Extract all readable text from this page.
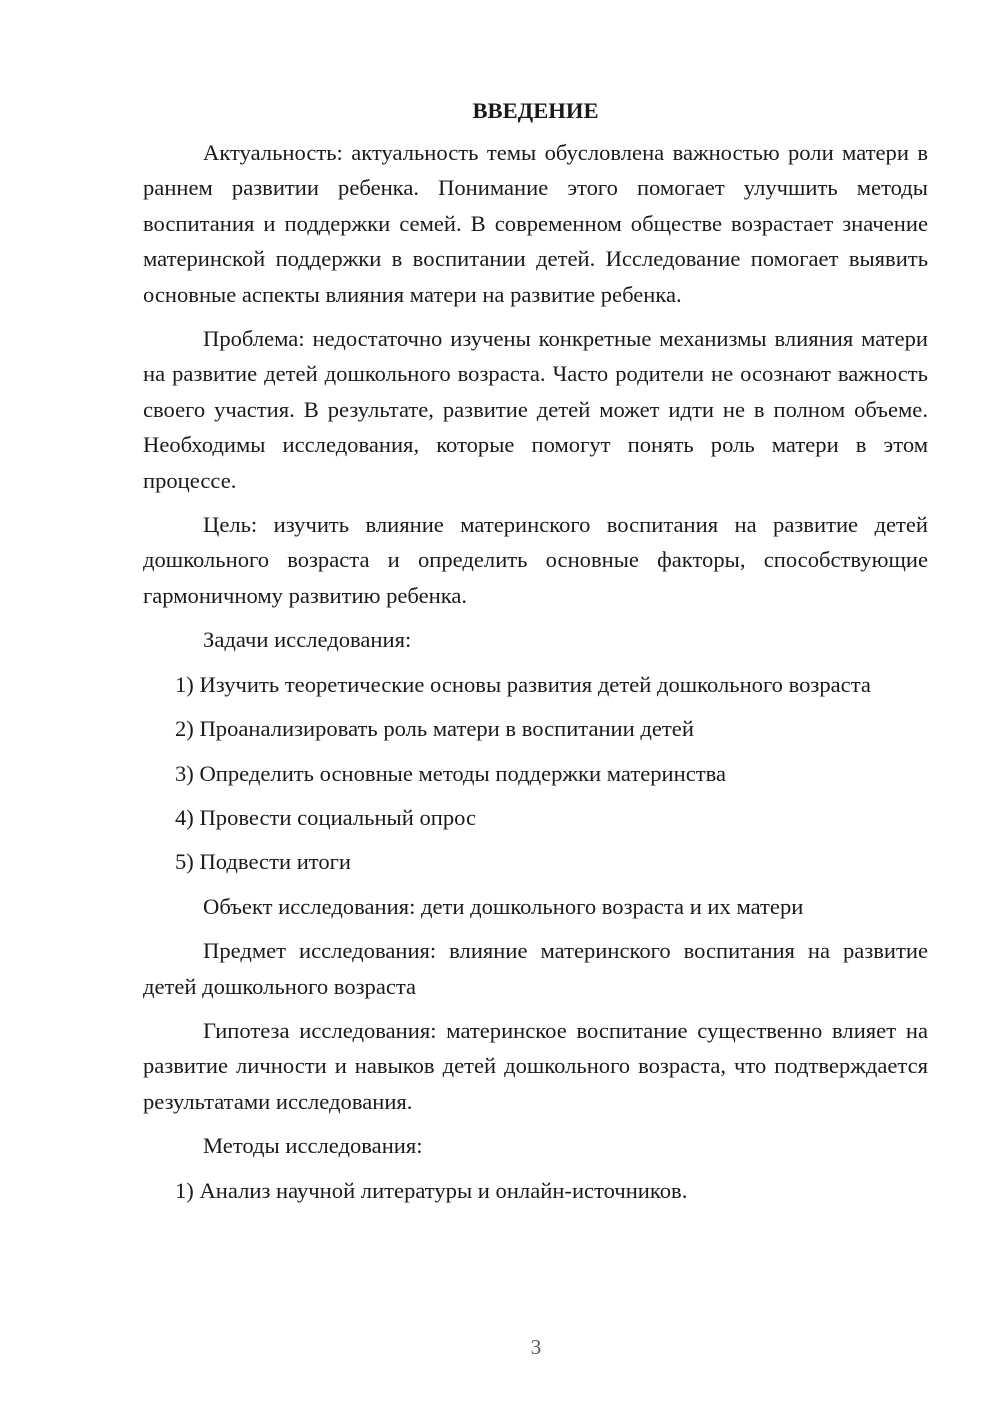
ВВЕДЕНИЕ

Актуальность: актуальность темы обусловлена важностью роли матери в раннем развитии ребенка. Понимание этого помогает улучшить методы воспитания и поддержки семей. В современном обществе возрастает значение материнской поддержки в воспитании детей. Исследование помогает выявить основные аспекты влияния матери на развитие ребенка.

Проблема: недостаточно изучены конкретные механизмы влияния матери на развитие детей дошкольного возраста. Часто родители не осознают важность своего участия. В результате, развитие детей может идти не в полном объеме. Необходимы исследования, которые помогут понять роль матери в этом процессе.

Цель: изучить влияние материнского воспитания на развитие детей дошкольного возраста и определить основные факторы, способствующие гармоничному развитию ребенка.

Задачи исследования:

1) Изучить теоретические основы развития детей дошкольного возраста

2) Проанализировать роль матери в воспитании детей

3) Определить основные методы поддержки материнства

4) Провести социальный опрос

5) Подвести итоги

Объект исследования: дети дошкольного возраста и их матери

Предмет исследования: влияние материнского воспитания на развитие детей дошкольного возраста

Гипотеза исследования: материнское воспитание существенно влияет на развитие личности и навыков детей дошкольного возраста, что подтверждается результатами исследования.

Методы исследования:

1) Анализ научной литературы и онлайн-источников.

3
